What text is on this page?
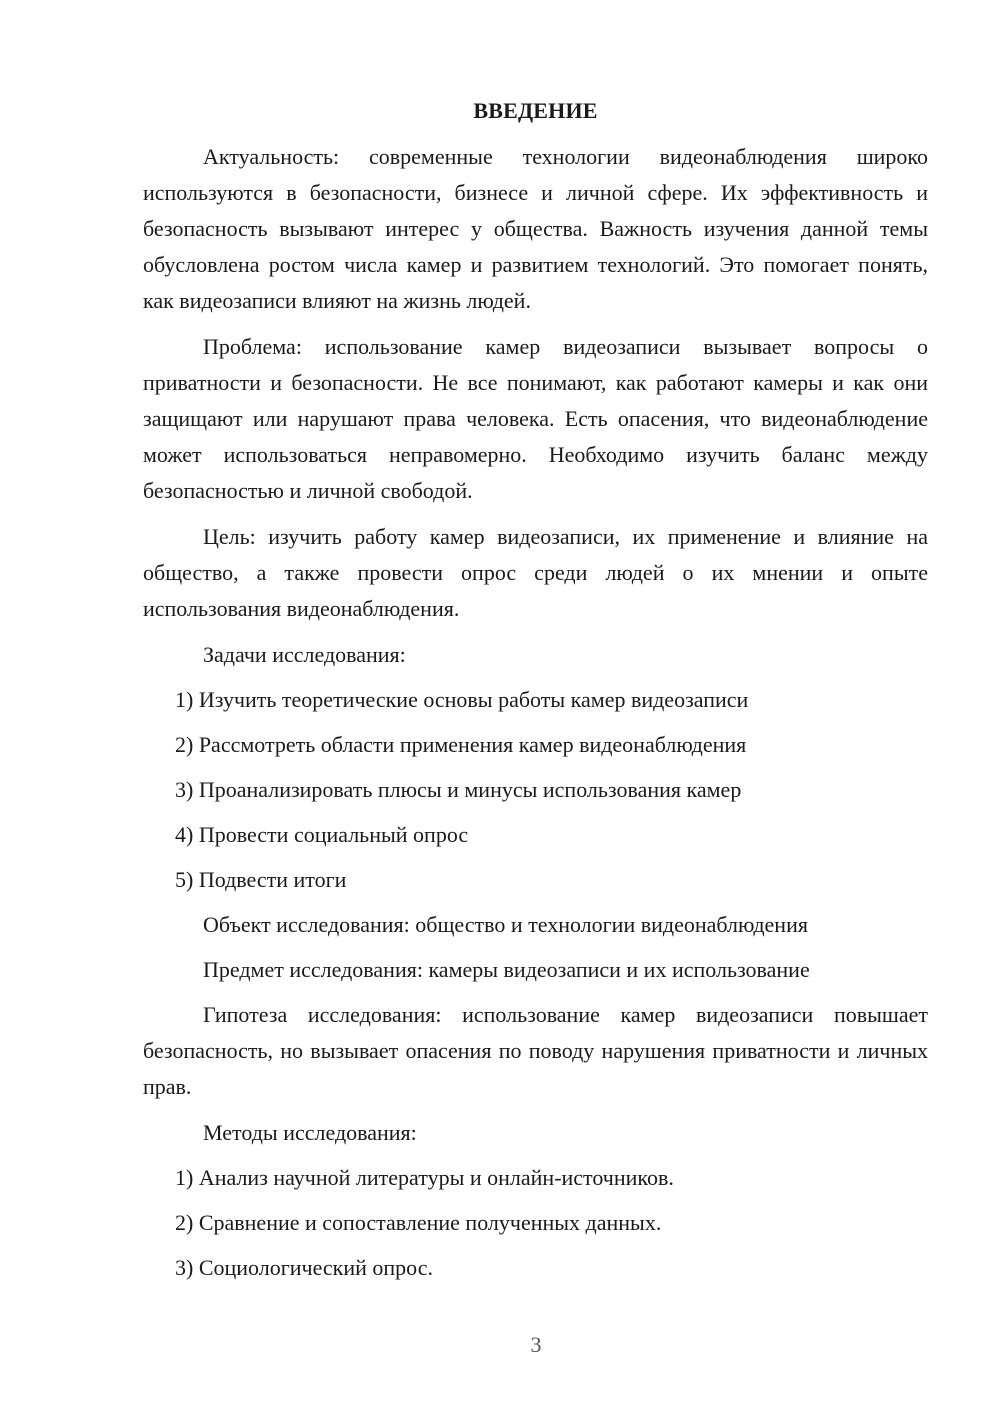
ВВЕДЕНИЕ

Актуальность: современные технологии видеонаблюдения широко используются в безопасности, бизнесе и личной сфере. Их эффективность и безопасность вызывают интерес у общества. Важность изучения данной темы обусловлена ростом числа камер и развитием технологий. Это помогает понять, как видеозаписи влияют на жизнь людей.

Проблема: использование камер видеозаписи вызывает вопросы о приватности и безопасности. Не все понимают, как работают камеры и как они защищают или нарушают права человека. Есть опасения, что видеонаблюдение может использоваться неправомерно. Необходимо изучить баланс между безопасностью и личной свободой.

Цель: изучить работу камер видеозаписи, их применение и влияние на общество, а также провести опрос среди людей о их мнении и опыте использования видеонаблюдения.

Задачи исследования:

1) Изучить теоретические основы работы камер видеозаписи

2) Рассмотреть области применения камер видеонаблюдения

3) Проанализировать плюсы и минусы использования камер

4) Провести социальный опрос

5) Подвести итоги

Объект исследования: общество и технологии видеонаблюдения

Предмет исследования: камеры видеозаписи и их использование

Гипотеза исследования: использование камер видеозаписи повышает безопасность, но вызывает опасения по поводу нарушения приватности и личных прав.

Методы исследования:

1) Анализ научной литературы и онлайн-источников.

2) Сравнение и сопоставление полученных данных.

3) Социологический опрос.

3
